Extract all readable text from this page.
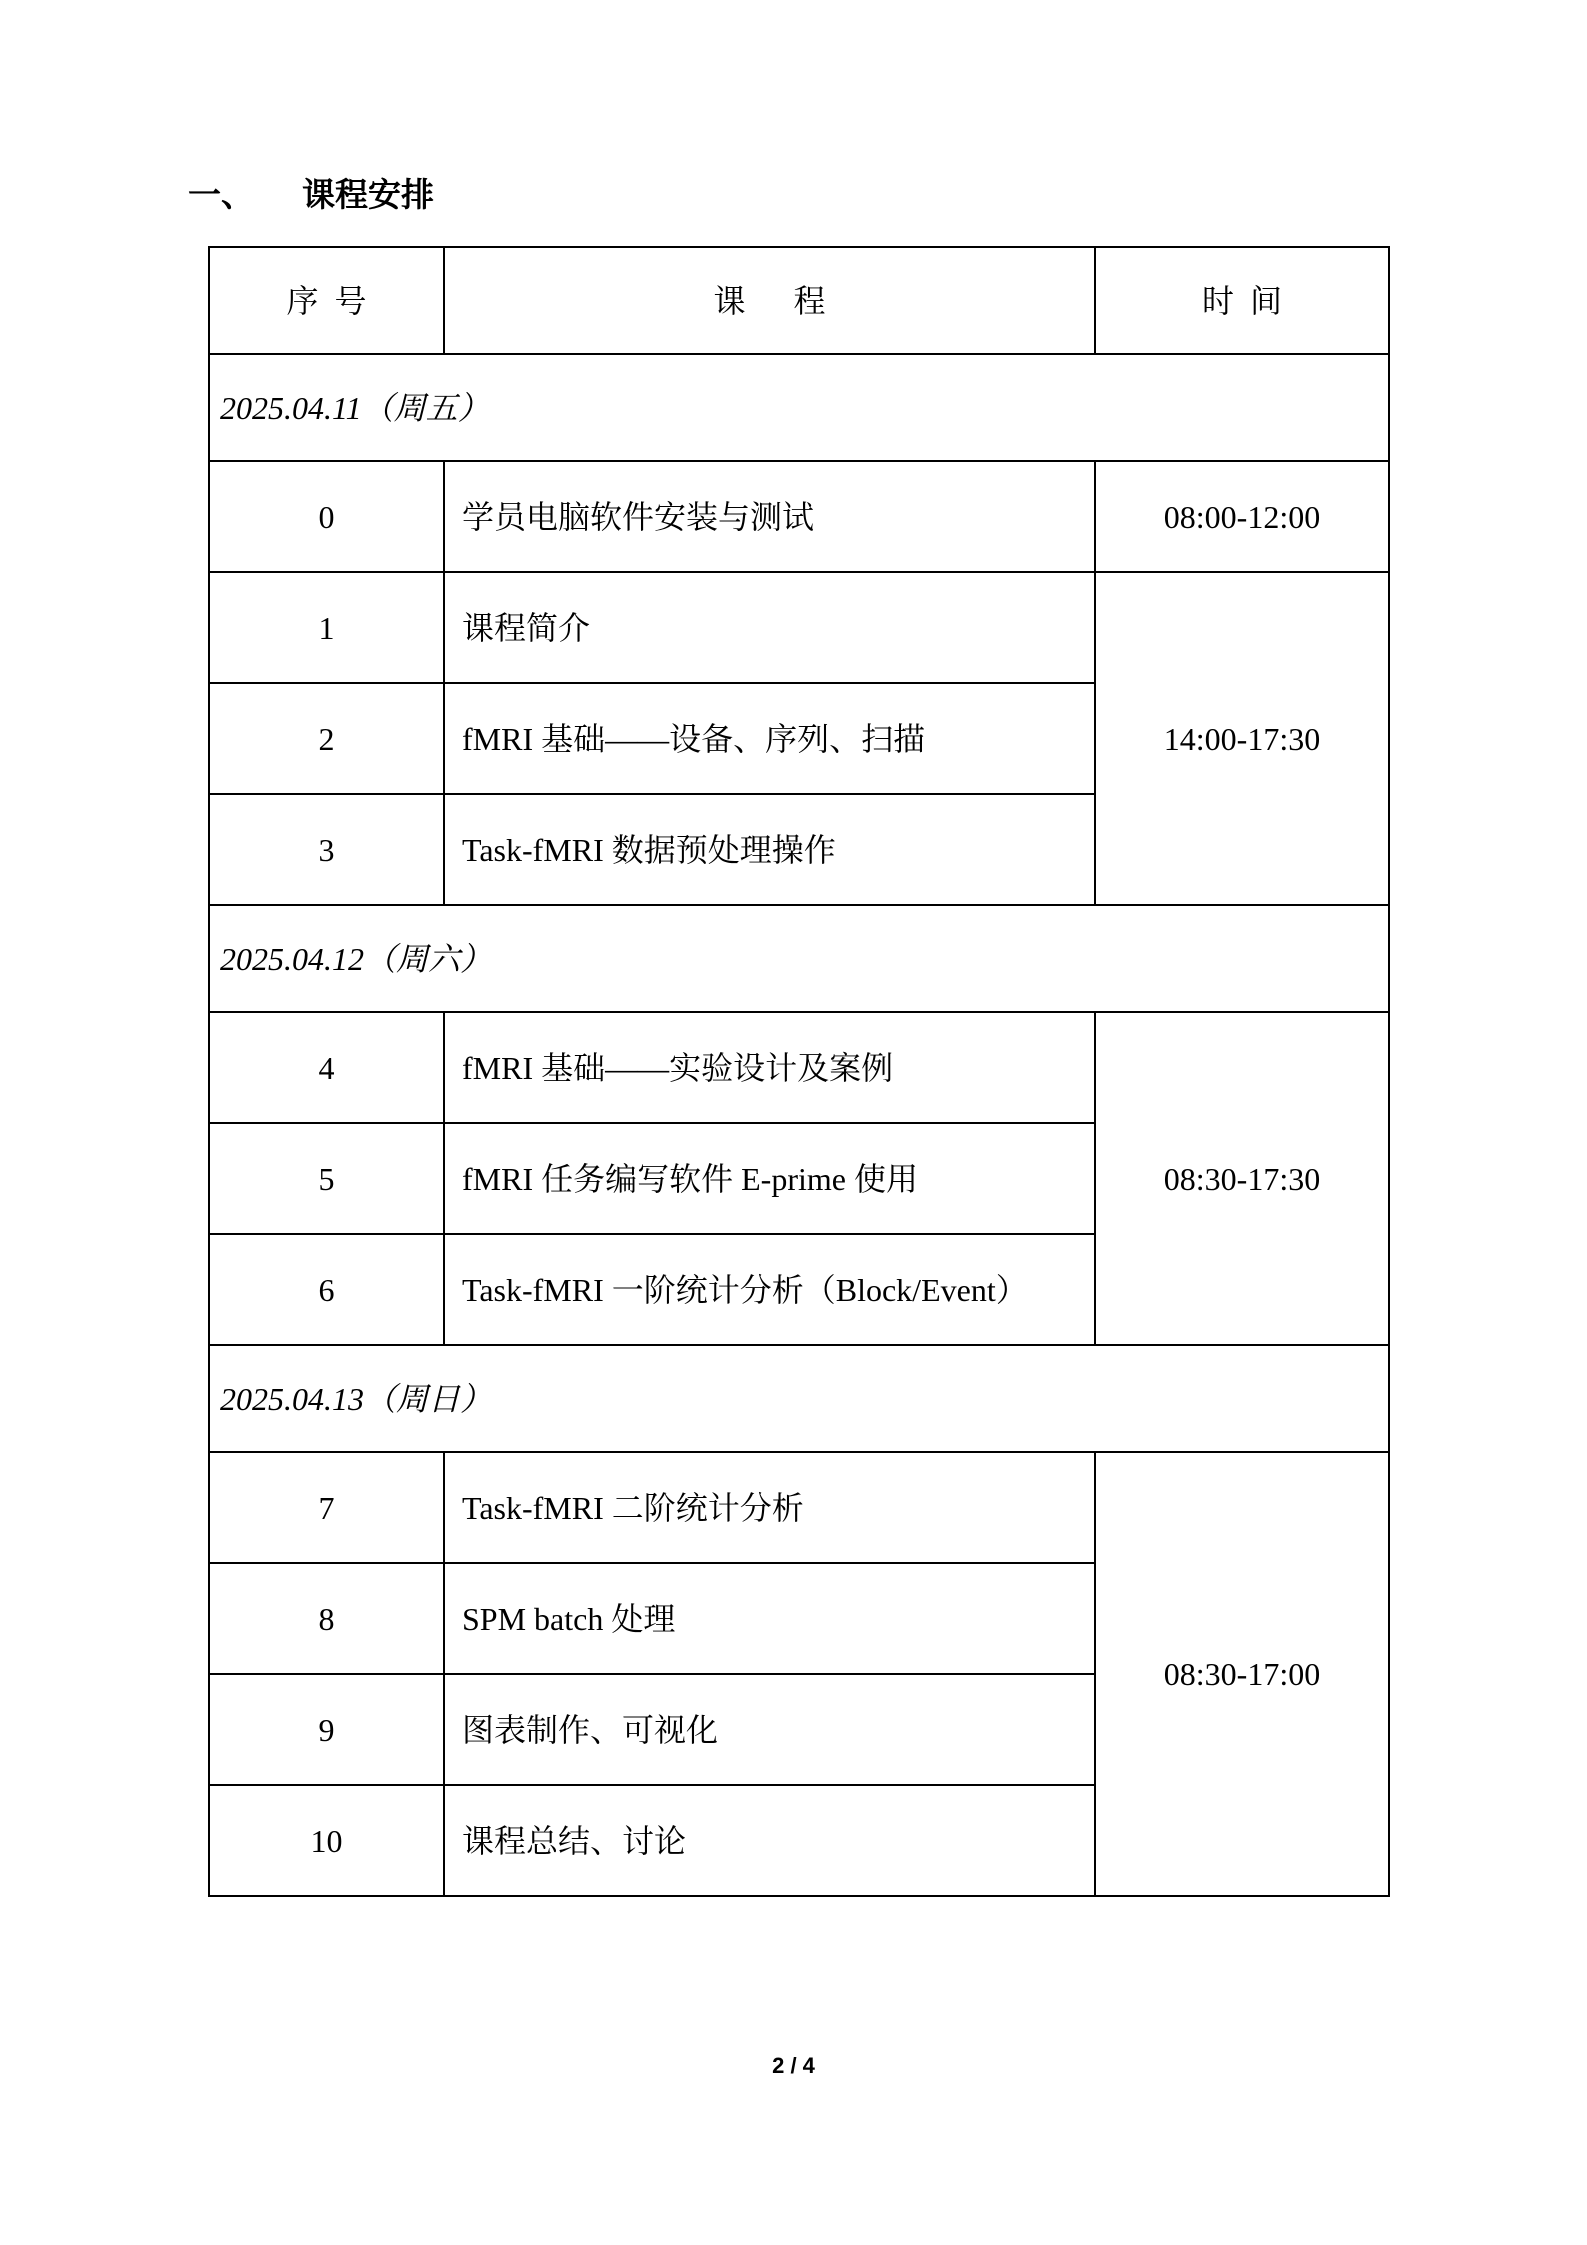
一、 课程安排
序  号	课      程	时  间
2025.04.11（周五）		
0	学员电脑软件安装与测试	08:00-12:00
1	课程简介	14:00-17:30
2	fMRI 基础——设备、序列、扫描	
3	Task-fMRI 数据预处理操作	
2025.04.12（周六）		
4	fMRI 基础——实验设计及案例	08:30-17:30
5	fMRI 任务编写软件 E-prime 使用	
6	Task-fMRI 一阶统计分析（Block/Event）	
2025.04.13（周日）		
7	Task-fMRI 二阶统计分析	08:30-17:00
8	SPM batch 处理	
9	图表制作、可视化	
10	课程总结、讨论	
2 / 4
